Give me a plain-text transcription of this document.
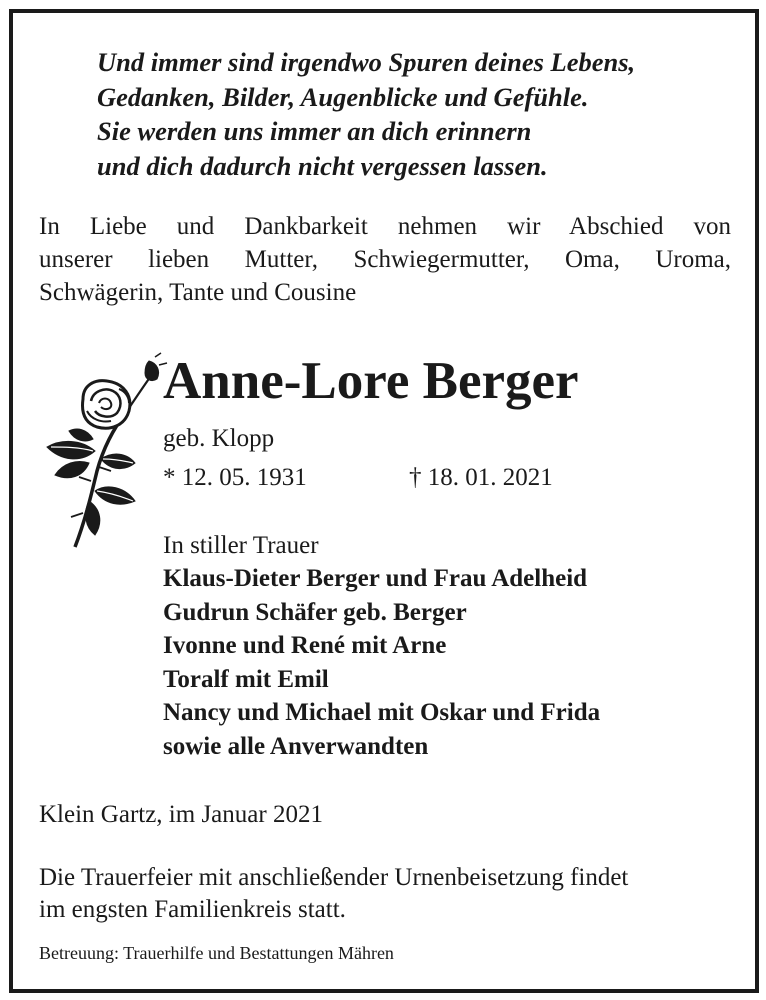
Und immer sind irgendwo Spuren deines Lebens,
Gedanken, Bilder, Augenblicke und Gefühle.
Sie werden uns immer an dich erinnern
und dich dadurch nicht vergessen lassen.
In Liebe und Dankbarkeit nehmen wir Abschied von
unserer lieben Mutter, Schwiegermutter, Oma, Uroma,
Schwägerin, Tante und Cousine
Anne-Lore Berger
geb. Klopp
* 12. 05. 1931	† 18. 01. 2021
In stiller Trauer
Klaus-Dieter Berger und Frau Adelheid
Gudrun Schäfer geb. Berger
Ivonne und René mit Arne
Toralf mit Emil
Nancy und Michael mit Oskar und Frida
sowie alle Anverwandten
Klein Gartz, im Januar 2021
Die Trauerfeier mit anschließender Urnenbeisetzung findet
im engsten Familienkreis statt.
Betreuung: Trauerhilfe und Bestattungen Mähren
